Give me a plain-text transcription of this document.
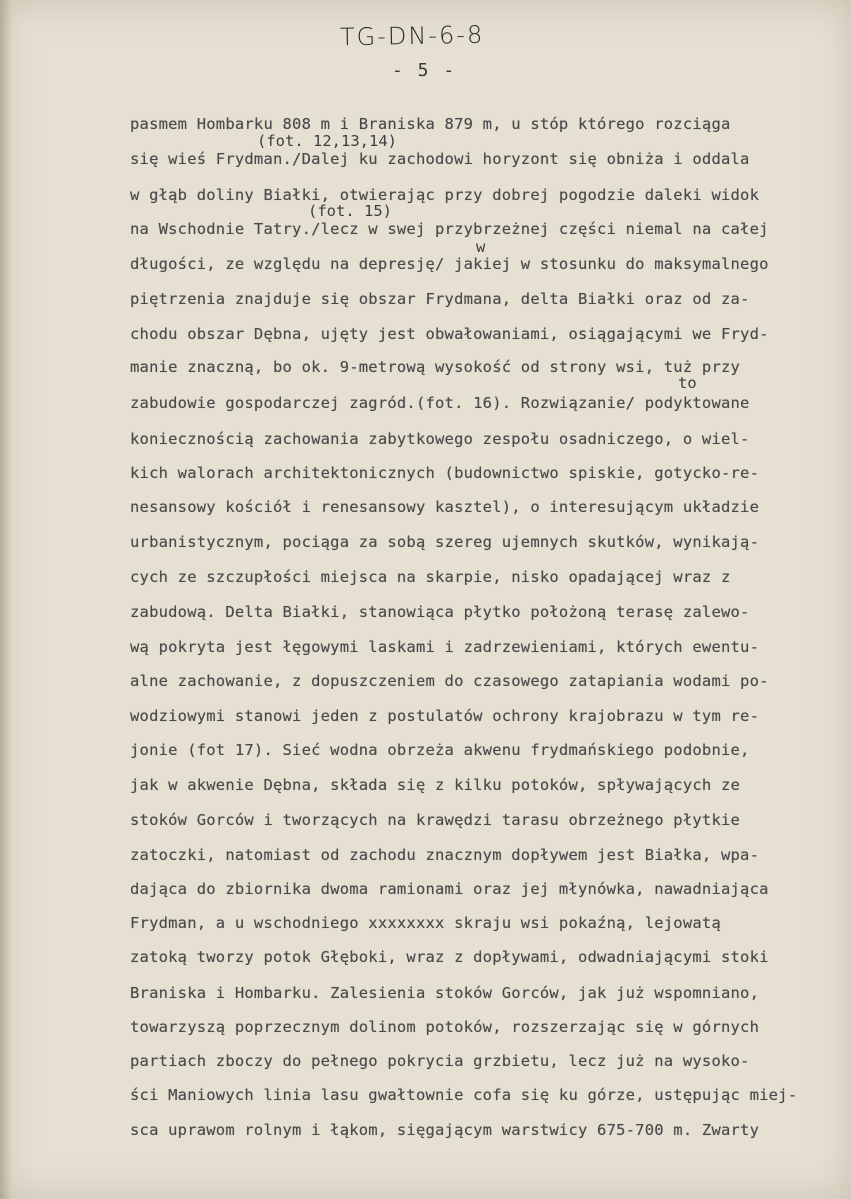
TG-DN-6-8
- 5 -
(fot. 12,13,14)
(fot. 15)
w
to
pasmem Hombarku 808 m i Braniska 879 m, u stóp którego rozciąga
się wieś Frydman./Dalej ku zachodowi horyzont się obniża i oddala
w głąb doliny Białki, otwierając przy dobrej pogodzie daleki widok
na Wschodnie Tatry./lecz w swej przybrzeżnej części niemal na całej
długości, ze względu na depresję/ jakiej w stosunku do maksymalnego
piętrzenia znajduje się obszar Frydmana, delta Białki oraz od za-
chodu obszar Dębna, ujęty jest obwałowaniami, osiągającymi we Fryd-
manie znaczną, bo ok. 9-metrową wysokość od strony wsi, tuż przy
zabudowie gospodarczej zagród.(fot. 16). Rozwiązanie/ podyktowane
koniecznością zachowania zabytkowego zespołu osadniczego, o wiel-
kich walorach architektonicznych (budownictwo spiskie, gotycko-re-
nesansowy kościół i renesansowy kasztel), o interesującym układzie
urbanistycznym, pociąga za sobą szereg ujemnych skutków, wynikają-
cych ze szczupłości miejsca na skarpie, nisko opadającej wraz z
zabudową. Delta Białki, stanowiąca płytko położoną terasę zalewo-
wą pokryta jest łęgowymi laskami i zadrzewieniami, których ewentu-
alne zachowanie, z dopuszczeniem do czasowego zatapiania wodami po-
wodziowymi stanowi jeden z postulatów ochrony krajobrazu w tym re-
jonie (fot 17). Sieć wodna obrzeża akwenu frydmańskiego podobnie,
jak w akwenie Dębna, składa się z kilku potoków, spływających ze
stoków Gorców i tworzących na krawędzi tarasu obrzeżnego płytkie
zatoczki, natomiast od zachodu znacznym dopływem jest Białka, wpa-
dająca do zbiornika dwoma ramionami oraz jej młynówka, nawadniająca
Frydman, a u wschodniego xxxxxxxx skraju wsi pokaźną, lejowatą
zatoką tworzy potok Głęboki, wraz z dopływami, odwadniającymi stoki
Braniska i Hombarku. Zalesienia stoków Gorców, jak już wspomniano,
towarzyszą poprzecznym dolinom potoków, rozszerzając się w górnych
partiach zboczy do pełnego pokrycia grzbietu, lecz już na wysoko-
ści Maniowych linia lasu gwałtownie cofa się ku górze, ustępując miej-
sca uprawom rolnym i łąkom, sięgającym warstwicy 675-700 m. Zwarty
